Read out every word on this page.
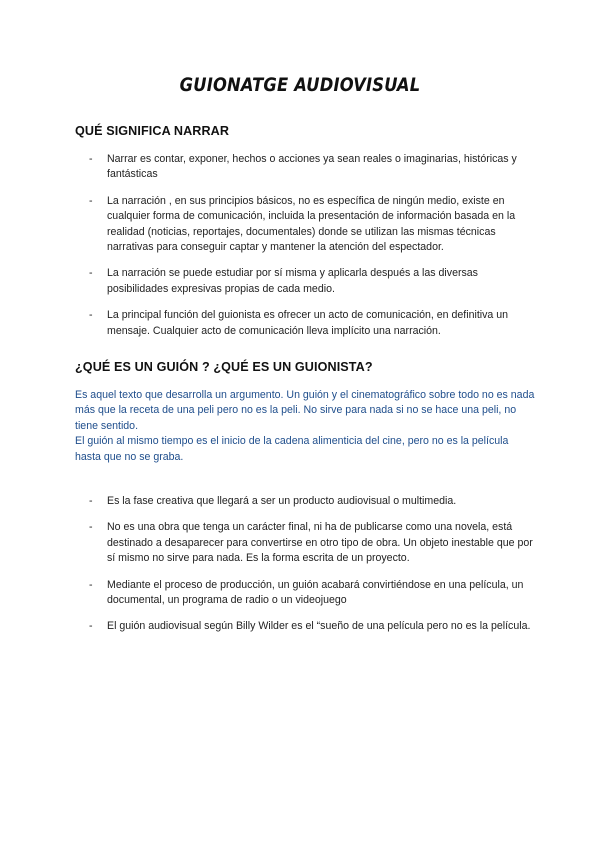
GUIONATGE AUDIOVISUAL
QUÉ SIGNIFICA NARRAR
- Narrar es contar, exponer, hechos o acciones ya sean reales o imaginarias, históricas y fantásticas
- La narración , en sus principios básicos, no es específica de ningún medio, existe en cualquier forma de comunicación, incluida la presentación de información basada en la realidad (noticias, reportajes, documentales) donde se utilizan las mismas técnicas narrativas para conseguir captar y mantener la atención del espectador.
- La narración se puede estudiar por sí misma y aplicarla después a las diversas posibilidades expresivas propias de cada medio.
- La principal función del guionista es ofrecer un acto de comunicación, en definitiva un mensaje. Cualquier acto de comunicación lleva implícito una narración.
¿QUÉ ES UN GUIÓN ? ¿QUÉ ES UN GUIONISTA?

Es aquel texto que desarrolla un argumento. Un guión y el cinematográfico sobre todo no es nada más que la receta de una peli pero no es la peli. No sirve para nada si no se hace una peli, no tiene sentido.

El guión al mismo tiempo es el inicio de la cadena alimenticia del cine, pero no es la película hasta que no se graba.

- Es la fase creativa que llegará a ser un producto audiovisual o multimedia.
- No es una obra que tenga un carácter final, ni ha de publicarse como una novela, está destinado a desaparecer para convertirse en otro tipo de obra. Un objeto inestable que por sí mismo no sirve para nada. Es la forma escrita de un proyecto.
- Mediante el proceso de producción, un guión acabará convirtiéndose en una película, un documental, un programa de radio o un videojuego
- El guión audiovisual según Billy Wilder es el “sueño de una película pero no es la película.
